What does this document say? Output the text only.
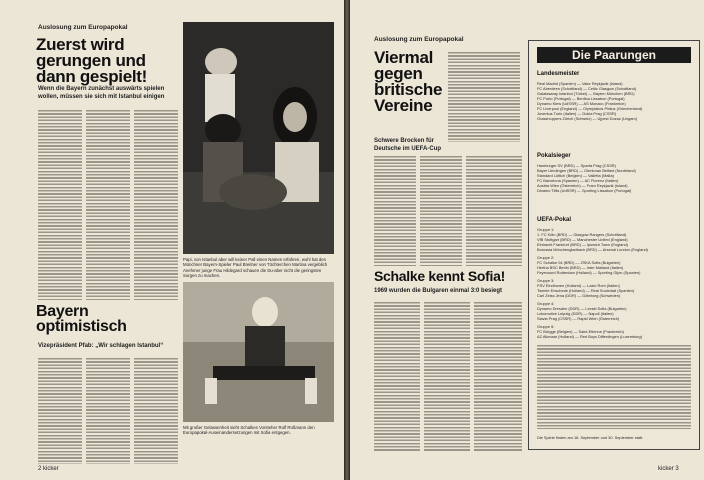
Auslosung zum Europapokal
Zuerst wird gerungen und dann gespielt!
Wenn die Bayern zunächst auswärts spielen wollen, müssen sie sich mit Istanbul einigen
Papi, von Istanbul aber will keiner Pall einen Namen erfahren, wohl hat den Münchner Bayern-Spieler Paul Breitner von Töchterchen Martina vergeblich Anehmer junge Frau Hildegard schauen die Du-aber nicht die geringsten Sorgen zu machen.
Bayern optimistisch
Vizepräsident Pfab: „Wir schlagen Istanbul“
Mit großer Gelassenheit sieht Schalkes Vorsteher Rolf Rüßmann den Europapokal-Auseinandersetzungen mit Sofia entgegen.
2 kicker
Auslosung zum Europapokal
Viermal gegen britische Vereine
Schwere Brocken für Deutsche im UEFA-Cup
Schalke kennt Sofia!
1969 wurden die Bulgaren einmal 3:0 besiegt
Die Paarungen
Landesmeister
Real Madrid (Spanien) — Valur Reykjavik (Island)
FC Aberdeen (Schottland) — Celtic Glasgow (Schottland)
Galatasaray Istanbul (Türkei) — Bayern München (BRD)
FC Porto (Portugal) — Benfica Lissabon (Portugal)
Dynamo Kiew (UdSSR) — AS Monaco (Frankreich)
FC Liverpool (England) — Olympiakos Piräus (Griechenland)
Juventus Turin (Italien) — Dukla Prag (CSSR)
Grasshoppers Zürich (Schweiz) — Ujpest Dozsa (Ungarn)
Pokalsieger
Hamburger SV (BRD) — Sparta Prag (CSSR)
Bayer Uerdingen (BRD) — Glentoran Belfast (Nordirland)
Standard Lüttich (Belgien) — Valletta (Malta)
FC Barcelona (Spanien) — AC Florenz (Italien)
Austria Wien (Österreich) — Fram Reykjavik (Island)
Dinamo Tiflis (UdSSR) — Sporting Lissabon (Portugal)
UEFA-Pokal
Gruppe 1:
1. FC Köln (BRD) — Glasgow Rangers (Schottland)
VfB Stuttgart (BRD) — Manchester United (England)
Eintracht Frankfurt (BRD) — Ipswich Town (England)
Borussia Mönchengladbach (BRD) — Arsenal London (England)
Gruppe 2:
FC Schalke 04 (BRD) — ZSKA Sofia (Bulgarien)
Hertha BSC Berlin (BRD) — Inter Mailand (Italien)
Feyenoord Rotterdam (Holland) — Sporting Gijon (Spanien)
Gruppe 3:
PSV Eindhoven (Holland) — Lazio Rom (Italien)
Twente Enschede (Holland) — Real Sociedad (Spanien)
Carl Zeiss Jena (DDR) — Göteborg (Schweden)
Gruppe 4:
Dynamo Dresden (DDR) — Levski Sofia (Bulgarien)
Lokomotive Leipzig (DDR) — Napoli (Italien)
Slavia Prag (CSSR) — Rapid Wien (Österreich)
Gruppe 5:
FC Brügge (Belgien) — Saint-Etienne (Frankreich)
AZ Alkmaar (Holland) — Red Boys Differdingen (Luxemburg)
Die Spiele finden am 16. September und 30. September statt.
kicker 3
